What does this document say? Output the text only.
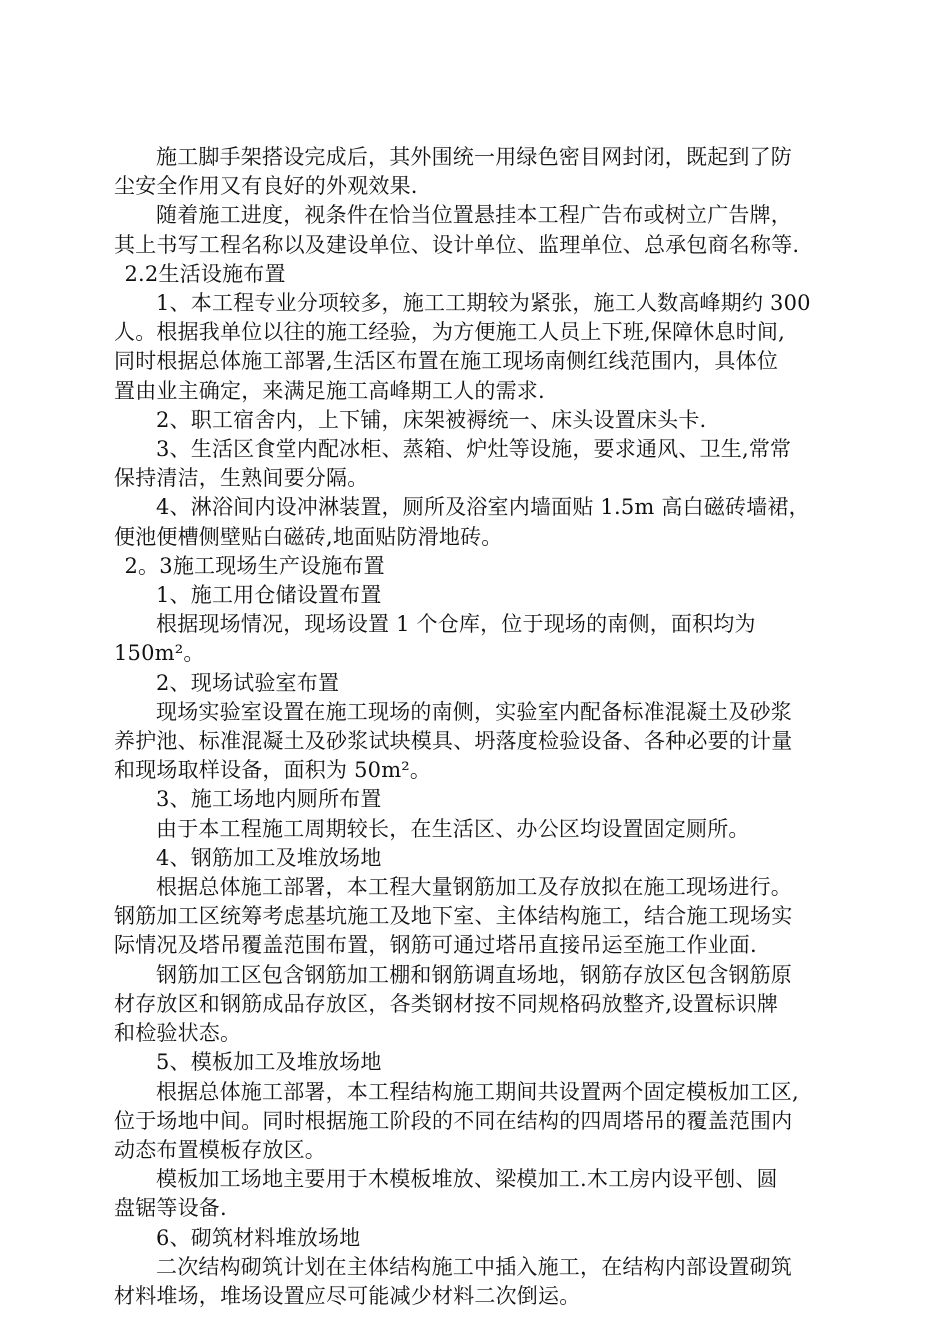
施工脚手架搭设完成后，其外围统一用绿色密目网封闭，既起到了防
尘安全作用又有良好的外观效果.
随着施工进度，视条件在恰当位置悬挂本工程广告布或树立广告牌，
其上书写工程名称以及建设单位、设计单位、监理单位、总承包商名称等.
2.2生活设施布置
1、本工程专业分项较多，施工工期较为紧张，施工人数高峰期约 300
人。根据我单位以往的施工经验，为方便施工人员上下班,保障休息时间,
同时根据总体施工部署,生活区布置在施工现场南侧红线范围内，具体位
置由业主确定，来满足施工高峰期工人的需求.
2、职工宿舍内，上下铺，床架被褥统一、床头设置床头卡.
3、生活区食堂内配冰柜、蒸箱、炉灶等设施，要求通风、卫生,常常
保持清洁，生熟间要分隔。
4、淋浴间内设冲淋装置，厕所及浴室内墙面贴 1.5m 高白磁砖墙裙，
便池便槽侧壁贴白磁砖,地面贴防滑地砖。
2。3施工现场生产设施布置
1、施工用仓储设置布置
根据现场情况，现场设置 1 个仓库，位于现场的南侧，面积均为
150m²。
2、现场试验室布置
现场实验室设置在施工现场的南侧，实验室内配备标准混凝土及砂浆
养护池、标准混凝土及砂浆试块模具、坍落度检验设备、各种必要的计量
和现场取样设备，面积为 50m²。
3、施工场地内厕所布置
由于本工程施工周期较长，在生活区、办公区均设置固定厕所。
4、钢筋加工及堆放场地
根据总体施工部署，本工程大量钢筋加工及存放拟在施工现场进行。
钢筋加工区统筹考虑基坑施工及地下室、主体结构施工，结合施工现场实
际情况及塔吊覆盖范围布置，钢筋可通过塔吊直接吊运至施工作业面.
钢筋加工区包含钢筋加工棚和钢筋调直场地，钢筋存放区包含钢筋原
材存放区和钢筋成品存放区，各类钢材按不同规格码放整齐,设置标识牌
和检验状态。
5、模板加工及堆放场地
根据总体施工部署，本工程结构施工期间共设置两个固定模板加工区,
位于场地中间。同时根据施工阶段的不同在结构的四周塔吊的覆盖范围内
动态布置模板存放区。
模板加工场地主要用于木模板堆放、梁模加工.木工房内设平刨、圆
盘锯等设备.
6、砌筑材料堆放场地
二次结构砌筑计划在主体结构施工中插入施工，在结构内部设置砌筑
材料堆场，堆场设置应尽可能减少材料二次倒运。
